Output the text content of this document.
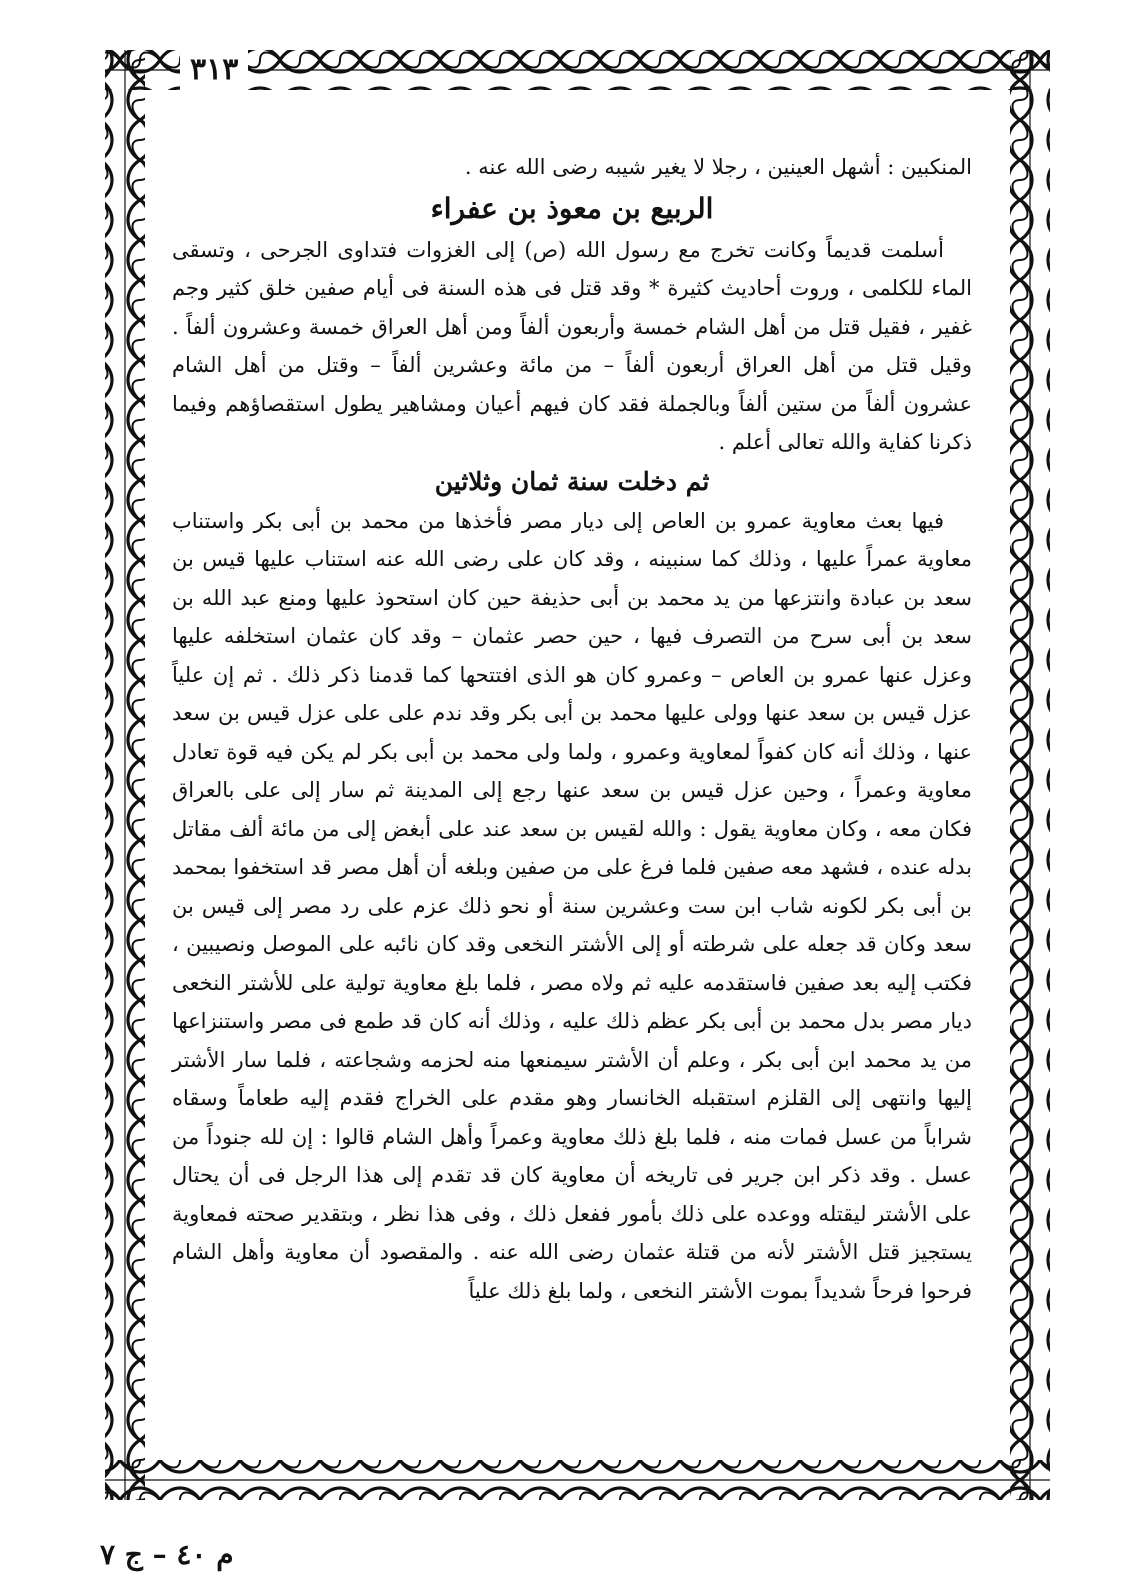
٣١٣

المنكبين : أشهل العينين ، رجلا لا يغير شيبه رضى الله عنه .

الربيع بن معوذ بن عفراء

أسلمت قديماً وكانت تخرج مع رسول الله (ص) إلى الغزوات فتداوى الجرحى ، وتسقى الماء للكلمى ، وروت أحاديث كثيرة * وقد قتل فى هذه السنة فى أيام صفين خلق كثير وجم غفير ، فقيل قتل من أهل الشام خمسة وأربعون ألفاً ومن أهل العراق خمسة وعشرون ألفاً . وقيل قتل من أهل العراق أربعون ألفاً – من مائة وعشرين ألفاً – وقتل من أهل الشام عشرون ألفاً من ستين ألفاً وبالجملة فقد كان فيهم أعيان ومشاهير يطول استقصاؤهم وفيما ذكرنا كفاية والله تعالى أعلم .

ثم دخلت سنة ثمان وثلاثين

فيها بعث معاوية عمرو بن العاص إلى ديار مصر فأخذها من محمد بن أبى بكر واستناب معاوية عمراً عليها ، وذلك كما سنبينه ، وقد كان على رضى الله عنه استناب عليها قيس بن سعد بن عبادة وانتزعها من يد محمد بن أبى حذيفة حين كان استحوذ عليها ومنع عبد الله بن سعد بن أبى سرح من التصرف فيها ، حين حصر عثمان – وقد كان عثمان استخلفه عليها وعزل عنها عمرو بن العاص – وعمرو كان هو الذى افتتحها كما قدمنا ذكر ذلك . ثم إن علياً عزل قيس بن سعد عنها وولى عليها محمد بن أبى بكر وقد ندم على على عزل قيس بن سعد عنها ، وذلك أنه كان كفواً لمعاوية وعمرو ، ولما ولى محمد بن أبى بكر لم يكن فيه قوة تعادل معاوية وعمراً ، وحين عزل قيس بن سعد عنها رجع إلى المدينة ثم سار إلى على بالعراق فكان معه ، وكان معاوية يقول : والله لقيس بن سعد عند على أبغض إلى من مائة ألف مقاتل بدله عنده ، فشهد معه صفين فلما فرغ على من صفين وبلغه أن أهل مصر قد استخفوا بمحمد بن أبى بكر لكونه شاب ابن ست وعشرين سنة أو نحو ذلك عزم على رد مصر إلى قيس بن سعد وكان قد جعله على شرطته أو إلى الأشتر النخعى وقد كان نائبه على الموصل ونصيبين ، فكتب إليه بعد صفين فاستقدمه عليه ثم ولاه مصر ، فلما بلغ معاوية تولية على للأشتر النخعى ديار مصر بدل محمد بن أبى بكر عظم ذلك عليه ، وذلك أنه كان قد طمع فى مصر واستنزاعها من يد محمد ابن أبى بكر ، وعلم أن الأشتر سيمنعها منه لحزمه وشجاعته ، فلما سار الأشتر إليها وانتهى إلى القلزم استقبله الخانسار وهو مقدم على الخراج فقدم إليه طعاماً وسقاه شراباً من عسل فمات منه ، فلما بلغ ذلك معاوية وعمراً وأهل الشام قالوا : إن لله جنوداً من عسل . وقد ذكر ابن جرير فى تاريخه أن معاوية كان قد تقدم إلى هذا الرجل فى أن يحتال على الأشتر ليقتله ووعده على ذلك بأمور ففعل ذلك ، وفى هذا نظر ، وبتقدير صحته فمعاوية يستجيز قتل الأشتر لأنه من قتلة عثمان رضى الله عنه . والمقصود أن معاوية وأهل الشام فرحوا فرحاً شديداً بموت الأشتر النخعى ، ولما بلغ ذلك علياً

م ٤٠ – ج ٧
